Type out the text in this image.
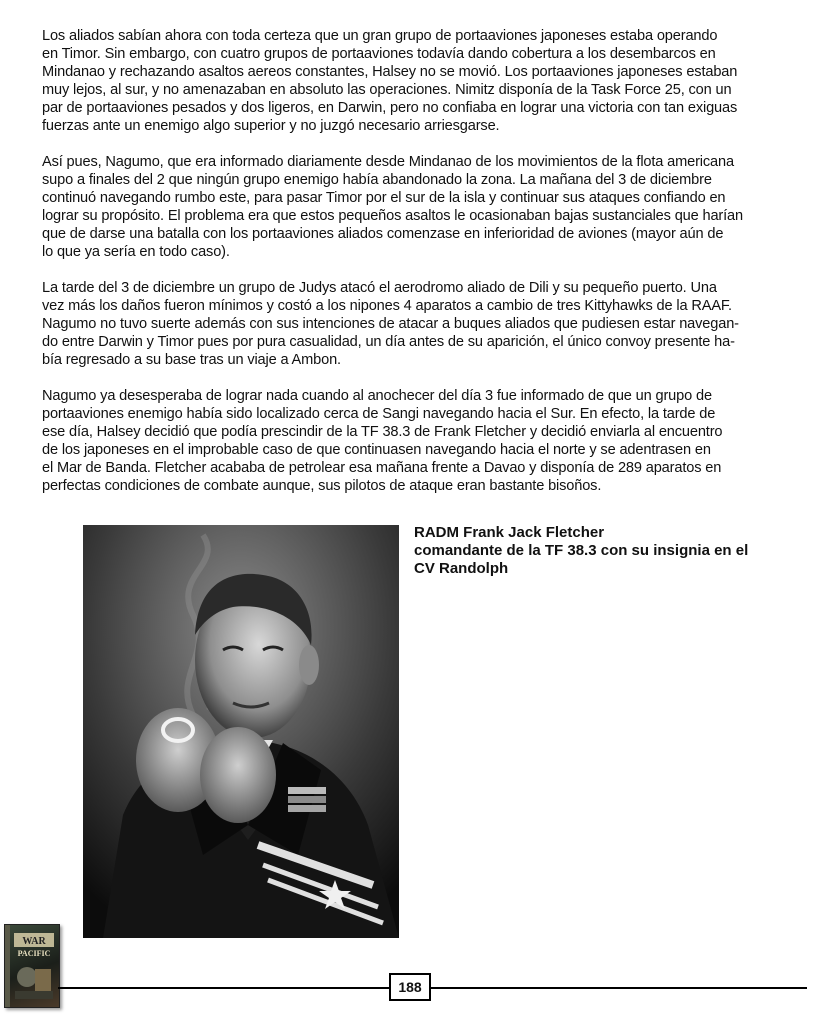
Los aliados sabían ahora con toda certeza que un gran grupo de portaaviones japoneses estaba operando
en Timor. Sin embargo, con cuatro grupos de portaaviones todavía dando cobertura a los desembarcos en
Mindanao y rechazando asaltos aereos constantes, Halsey no se movió. Los portaaviones japoneses estaban
muy lejos, al sur, y no amenazaban en absoluto las operaciones. Nimitz disponía de la Task Force 25, con un
par de portaaviones pesados y dos ligeros, en Darwin, pero no confiaba en lograr una victoria con tan exiguas
fuerzas ante un enemigo algo superior y no juzgó necesario arriesgarse.

Así pues, Nagumo, que era informado diariamente desde Mindanao de los movimientos de la flota americana
supo a finales del 2 que ningún grupo enemigo había abandonado la zona. La mañana del 3 de diciembre
continuó navegando rumbo este, para pasar Timor por el sur de la isla y continuar sus ataques confiando en
lograr su propósito. El problema era que estos pequeños asaltos le ocasionaban bajas sustanciales que harían
que de darse una batalla con los portaaviones aliados comenzase en inferioridad de aviones (mayor aún de
lo que ya sería en todo caso).

La tarde del 3 de diciembre un grupo de Judys atacó el aerodromo aliado de Dili y su pequeño puerto. Una
vez más los daños fueron mínimos y costó a los nipones 4 aparatos a cambio de tres Kittyhawks de la RAAF.
Nagumo no tuvo suerte además con sus intenciones de atacar a buques aliados que pudiesen estar navegan-
do entre Darwin y Timor pues por pura casualidad, un día antes de su aparición, el único convoy presente ha-
bía regresado a su base tras un viaje a Ambon.

Nagumo ya desesperaba de lograr nada cuando al anochecer del día 3 fue informado de que un grupo de
portaaviones enemigo había sido localizado cerca de Sangi navegando hacia el Sur. En efecto, la tarde de
ese día, Halsey decidió que podía prescindir de la TF 38.3 de Frank Fletcher y decidió enviarla al encuentro
de los japoneses en el improbable caso de que continuasen navegando hacia el norte y se adentrasen en
el Mar de Banda. Fletcher acababa de petrolear esa mañana frente a Davao y disponía de 289 aparatos en
perfectas condiciones de combate aunque, sus pilotos de ataque eran bastante bisoños.

RADM Frank Jack Fletcher
comandante de la TF 38.3 con su insignia en el
CV Randolph
WAR
PACIFIC
188
